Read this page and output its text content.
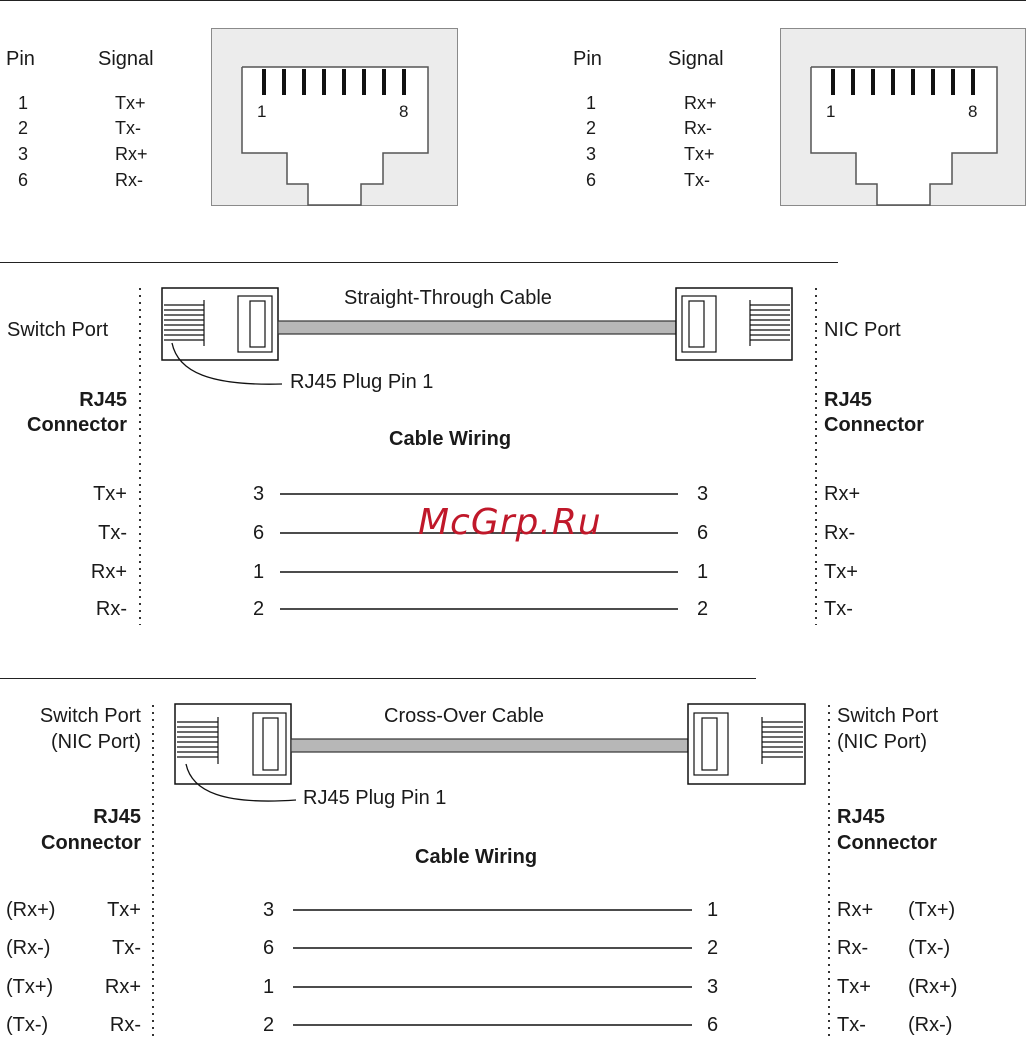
Pin	Signal
1	Tx+
2	Tx-
3	Rx+
6	Rx-
1	8
Pin	Signal
1	Rx+
2	Rx-
3	Tx+
6	Tx-
1	8
Straight-Through Cable
Switch Port	NIC Port
RJ45 Plug Pin 1
RJ45
Connector
RJ45
Connector
Cable Wiring
Tx+	3	3	Rx+
Tx-	6	6	Rx-
Rx+	1	1	Tx+
Rx-	2	2	Tx-
McGrp.Ru
Cross-Over Cable
Switch Port
(NIC Port)
Switch Port
(NIC Port)
RJ45 Plug Pin 1
RJ45
Connector
RJ45
Connector
Cable Wiring
(Rx+)	Tx+	3	1	Rx+ (Tx+)
(Rx-)	Tx-	6	2	Rx- (Tx-)
(Tx+)	Rx+	1	3	Tx+ (Rx+)
(Tx-)	Rx-	2	6	Tx- (Rx-)
